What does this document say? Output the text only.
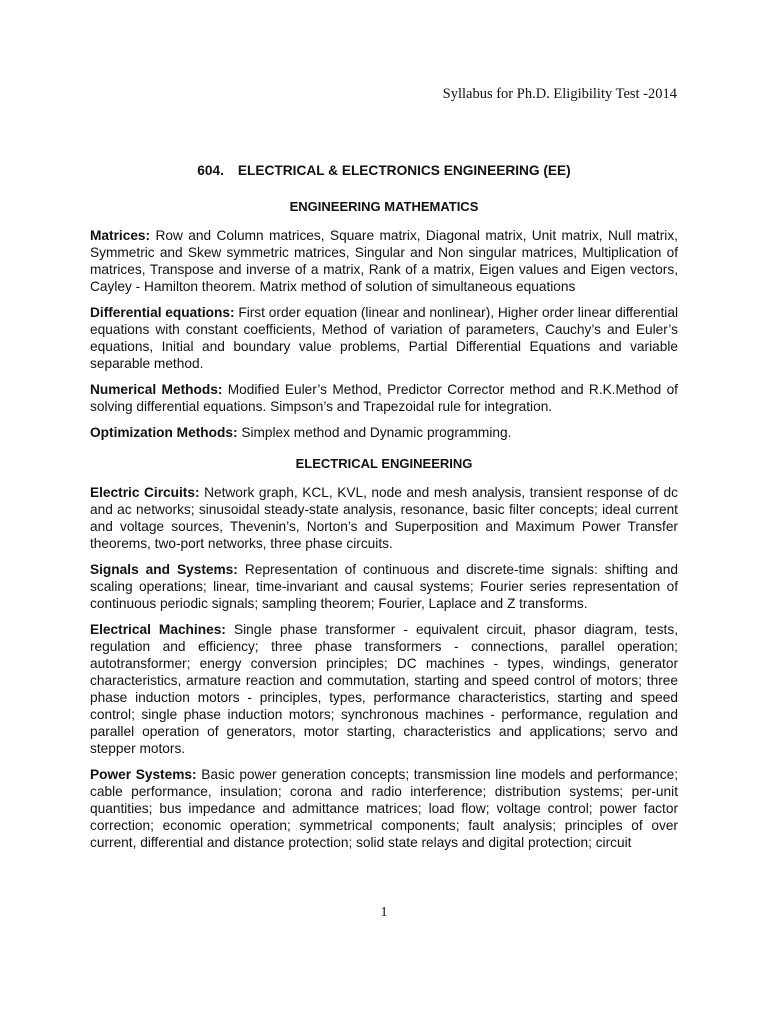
Syllabus for Ph.D. Eligibility Test -2014
604. ELECTRICAL & ELECTRONICS ENGINEERING (EE)
ENGINEERING MATHEMATICS

Matrices: Row and Column matrices, Square matrix, Diagonal matrix, Unit matrix, Null matrix, Symmetric and Skew symmetric matrices, Singular and Non singular matrices, Multiplication of matrices, Transpose and inverse of a matrix, Rank of a matrix, Eigen values and Eigen vectors, Cayley - Hamilton theorem. Matrix method of solution of simultaneous equations

Differential equations: First order equation (linear and nonlinear), Higher order linear differential equations with constant coefficients, Method of variation of parameters, Cauchy’s and Euler’s equations, Initial and boundary value problems, Partial Differential Equations and variable separable method.

Numerical Methods: Modified Euler’s Method, Predictor Corrector method and R.K.Method of solving differential equations. Simpson’s and Trapezoidal rule for integration.

Optimization Methods: Simplex method and Dynamic programming.

ELECTRICAL ENGINEERING

Electric Circuits: Network graph, KCL, KVL, node and mesh analysis, transient response of dc and ac networks; sinusoidal steady-state analysis, resonance, basic filter concepts; ideal current and voltage sources, Thevenin’s, Norton’s and Superposition and Maximum Power Transfer theorems, two-port networks, three phase circuits.

Signals and Systems: Representation of continuous and discrete-time signals: shifting and scaling operations; linear, time-invariant and causal systems; Fourier series representation of continuous periodic signals; sampling theorem; Fourier, Laplace and Z transforms.

Electrical Machines: Single phase transformer - equivalent circuit, phasor diagram, tests, regulation and efficiency; three phase transformers - connections, parallel operation; autotransformer; energy conversion principles; DC machines - types, windings, generator characteristics, armature reaction and commutation, starting and speed control of motors; three phase induction motors - principles, types, performance characteristics, starting and speed control; single phase induction motors; synchronous machines - performance, regulation and parallel operation of generators, motor starting, characteristics and applications; servo and stepper motors.

Power Systems: Basic power generation concepts; transmission line models and performance; cable performance, insulation; corona and radio interference; distribution systems; per-unit quantities; bus impedance and admittance matrices; load flow; voltage control; power factor correction; economic operation; symmetrical components; fault analysis; principles of over current, differential and distance protection; solid state relays and digital protection; circuit

1
